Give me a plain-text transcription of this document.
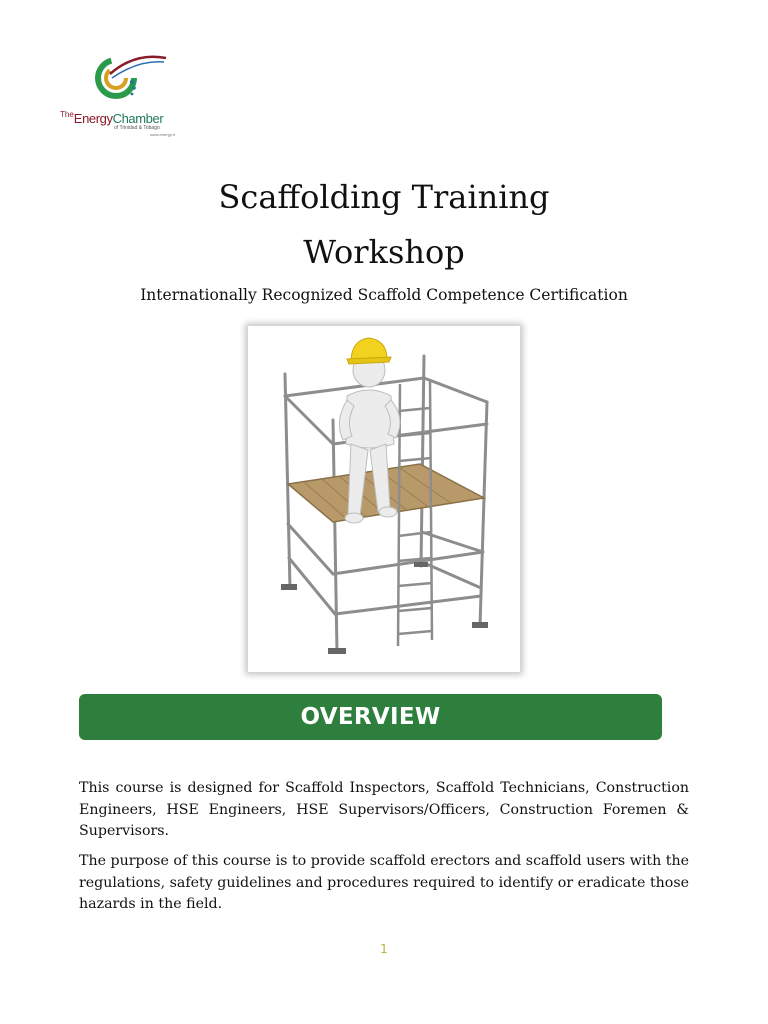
$^{The}$EnergyChamber
of Trinidad & Tobago
www.energy.tt
Scaffolding Training
Workshop
Internationally Recognized Scaffold Competence Certification
OVERVIEW

This course is designed for Scaffold Inspectors, Scaffold Technicians, Construction Engineers, HSE Engineers, HSE Supervisors/Officers, Construction Foremen & Supervisors.

The purpose of this course is to provide scaffold erectors and scaffold users with the regulations, safety guidelines and procedures required to identify or eradicate those hazards in the field.

1
